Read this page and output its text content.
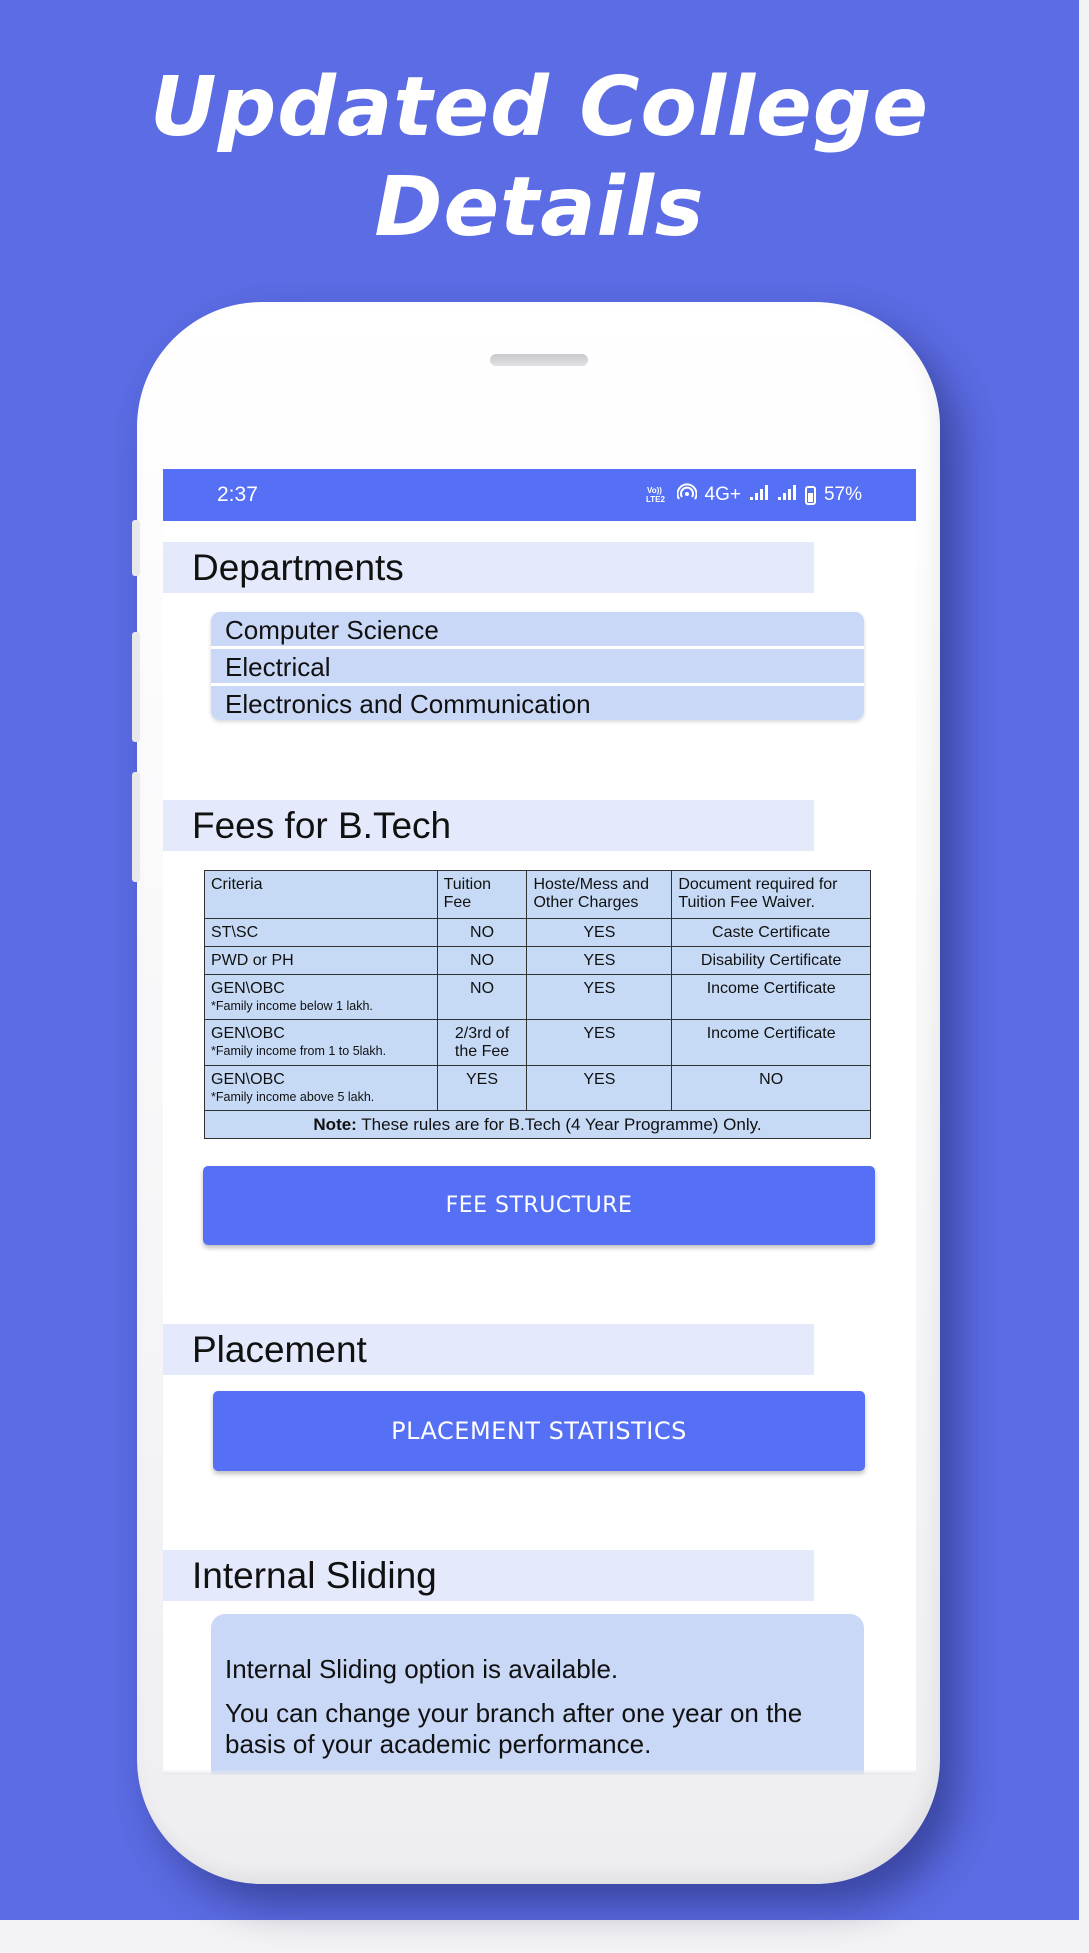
Updated College
Details
2:37	Vo))
LTE2 4G+	57%
Departments
Computer Science
Electrical
Electronics and Communication
Fees for B.Tech
Criteria	Tuition Fee	Hoste/Mess and Other Charges	Document required for Tuition Fee Waiver.
ST\SC	NO	YES	Caste Certificate
PWD or PH	NO	YES	Disability Certificate
GEN\OBC
*Family income below 1 lakh.	NO	YES	Income Certificate
GEN\OBC
*Family income from 1 to 5lakh.	2/3rd of the Fee	YES	Income Certificate
GEN\OBC
*Family income above 5 lakh.	YES	YES	NO
Note: These rules are for B.Tech (4 Year Programme) Only.			
FEE STRUCTURE
Placement
PLACEMENT STATISTICS
Internal Sliding
Internal Sliding option is available.
You can change your branch after one year on the basis of your academic performance.
